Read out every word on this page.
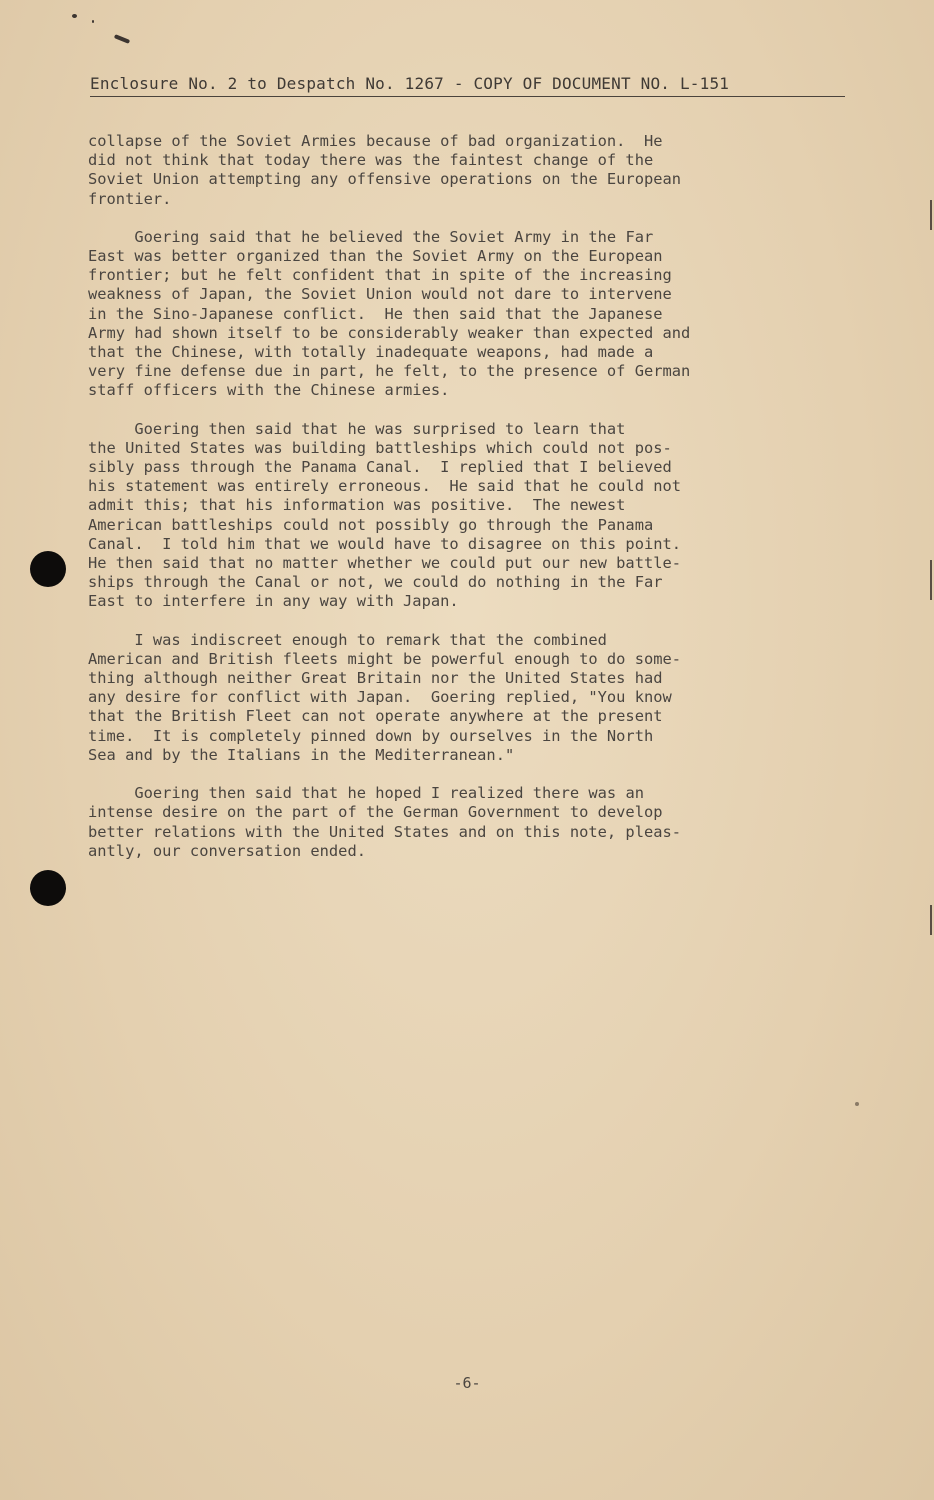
Enclosure No. 2 to Despatch No. 1267 - COPY OF DOCUMENT NO. L-151

collapse of the Soviet Armies because of bad organization.  He
did not think that today there was the faintest change of the
Soviet Union attempting any offensive operations on the European
frontier.

Goering said that he believed the Soviet Army in the Far
East was better organized than the Soviet Army on the European
frontier; but he felt confident that in spite of the increasing
weakness of Japan, the Soviet Union would not dare to intervene
in the Sino-Japanese conflict.  He then said that the Japanese
Army had shown itself to be considerably weaker than expected and
that the Chinese, with totally inadequate weapons, had made a
very fine defense due in part, he felt, to the presence of German
staff officers with the Chinese armies.

Goering then said that he was surprised to learn that
the United States was building battleships which could not pos-
sibly pass through the Panama Canal.  I replied that I believed
his statement was entirely erroneous.  He said that he could not
admit this; that his information was positive.  The newest
American battleships could not possibly go through the Panama
Canal.  I told him that we would have to disagree on this point.
He then said that no matter whether we could put our new battle-
ships through the Canal or not, we could do nothing in the Far
East to interfere in any way with Japan.

I was indiscreet enough to remark that the combined
American and British fleets might be powerful enough to do some-
thing although neither Great Britain nor the United States had
any desire for conflict with Japan.  Goering replied, "You know
that the British Fleet can not operate anywhere at the present
time.  It is completely pinned down by ourselves in the North
Sea and by the Italians in the Mediterranean."

Goering then said that he hoped I realized there was an
intense desire on the part of the German Government to develop
better relations with the United States and on this note, pleas-
antly, our conversation ended.

-6-
